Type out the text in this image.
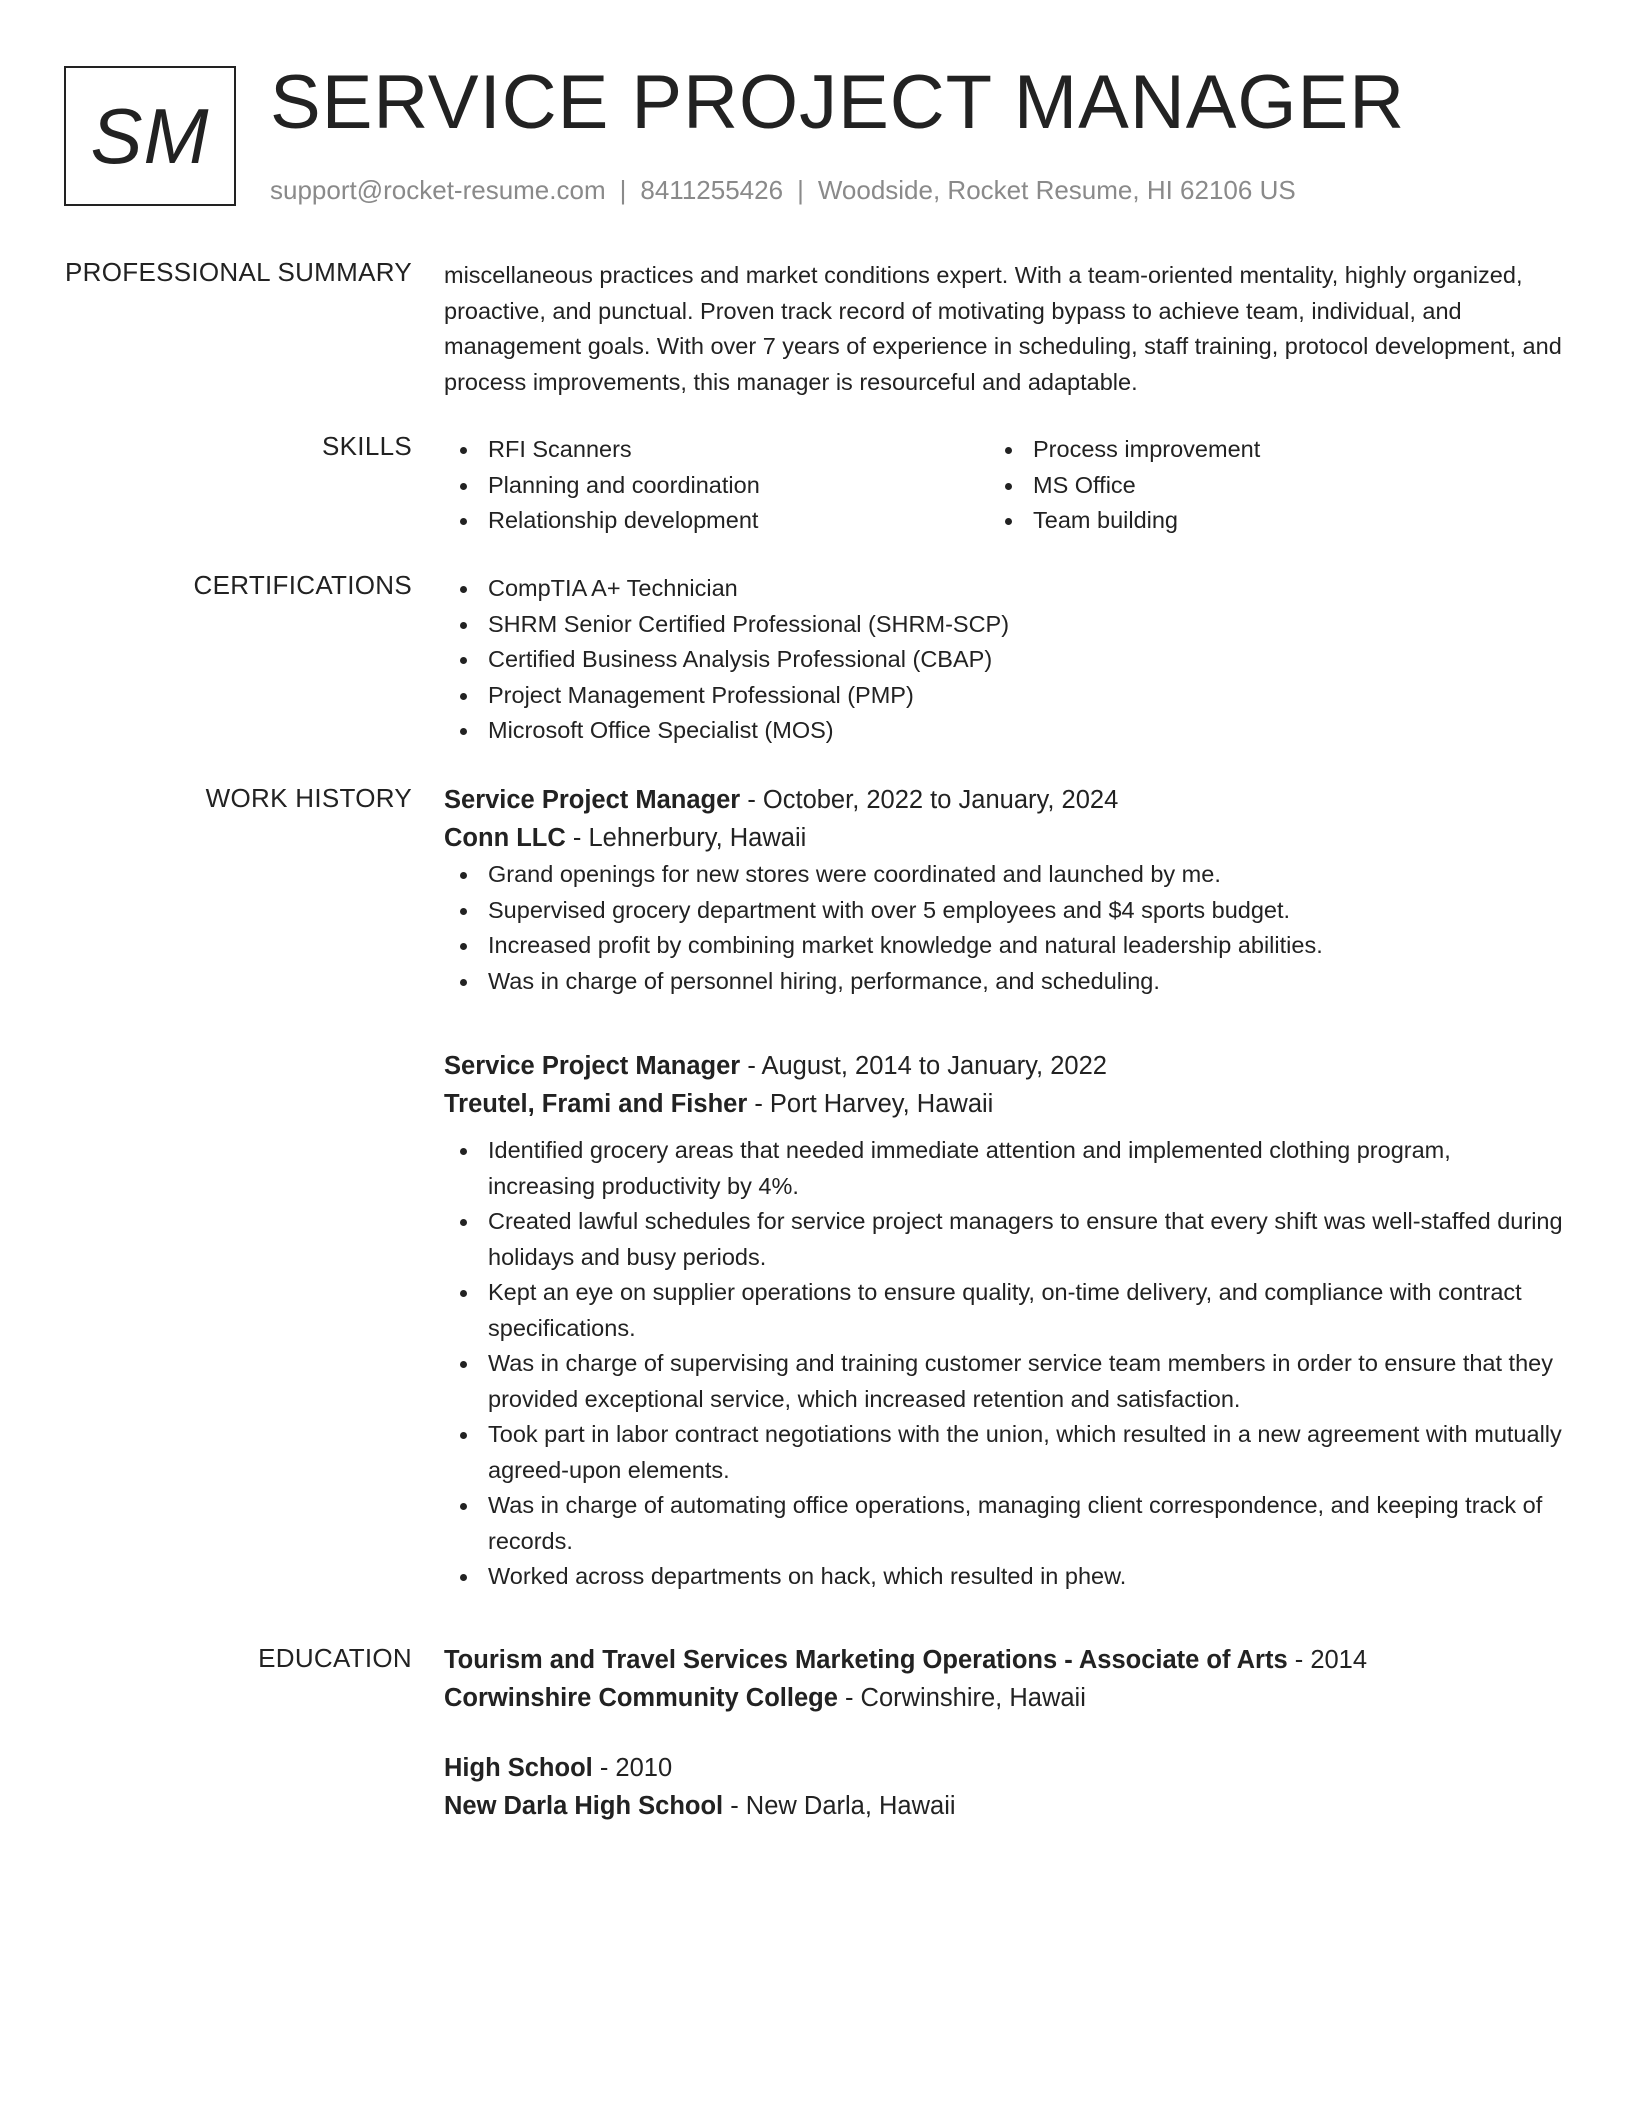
SM SERVICE PROJECT MANAGER
support@rocket-resume.com | 8411255426 | Woodside, Rocket Resume, HI 62106 US
PROFESSIONAL SUMMARY miscellaneous practices and market conditions expert. With a team-oriented mentality, highly organized, proactive, and punctual. Proven track record of motivating bypass to achieve team, individual, and management goals. With over 7 years of experience in scheduling, staff training, protocol development, and process improvements, this manager is resourceful and adaptable.

SKILLS	RFI Scanners
Planning and coordination
Relationship development
Process improvement
MS Office
Team building
CERTIFICATIONS	CompTIA A+ Technician
SHRM Senior Certified Professional (SHRM-SCP)
Certified Business Analysis Professional (CBAP)
Project Management Professional (PMP)
Microsoft Office Specialist (MOS)
WORK HISTORY Service Project Manager - October, 2022 to January, 2024
Conn LLC - Lehnerbury, Hawaii
Grand openings for new stores were coordinated and launched by me.
Supervised grocery department with over 5 employees and $4 sports budget.
Increased profit by combining market knowledge and natural leadership abilities.
Was in charge of personnel hiring, performance, and scheduling.
Service Project Manager - August, 2014 to January, 2022
Treutel, Frami and Fisher - Port Harvey, Hawaii
Identified grocery areas that needed immediate attention and implemented clothing program, increasing productivity by 4%.
Created lawful schedules for service project managers to ensure that every shift was well-staffed during holidays and busy periods.
Kept an eye on supplier operations to ensure quality, on-time delivery, and compliance with contract specifications.
Was in charge of supervising and training customer service team members in order to ensure that they provided exceptional service, which increased retention and satisfaction.
Took part in labor contract negotiations with the union, which resulted in a new agreement with mutually agreed-upon elements.
Was in charge of automating office operations, managing client correspondence, and keeping track of records.
Worked across departments on hack, which resulted in phew.
EDUCATION Tourism and Travel Services Marketing Operations - Associate of Arts - 2014
Corwinshire Community College - Corwinshire, Hawaii
High School - 2010
New Darla High School - New Darla, Hawaii
